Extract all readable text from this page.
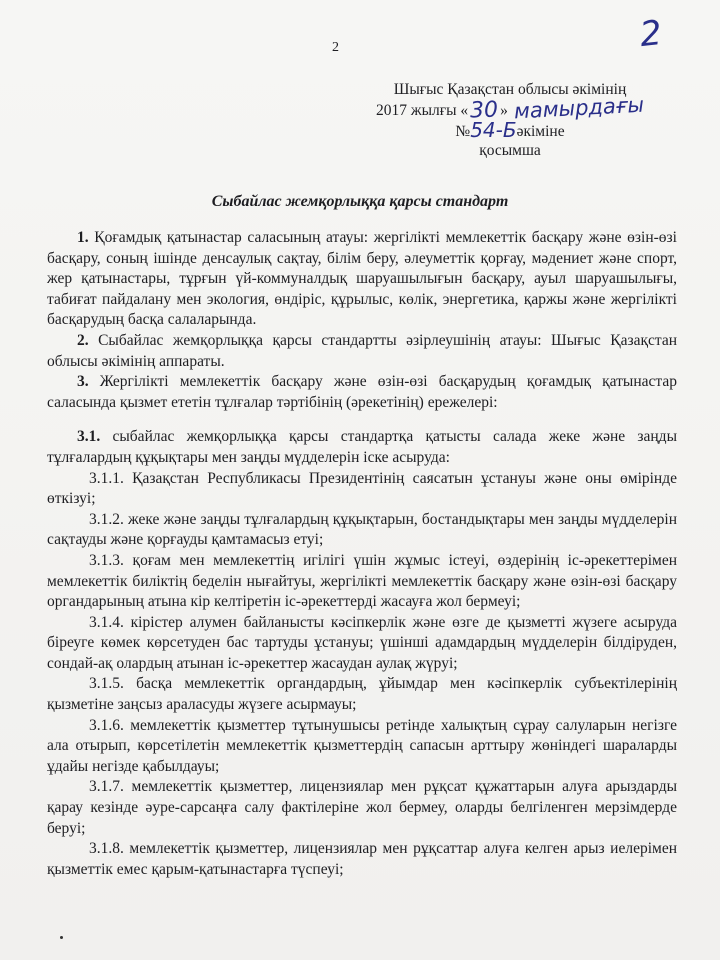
2
2
Шығыс Қазақстан облысы әкімінің
2017 жылғы «30 » мамырдағы
№54-Бәкіміне
қосымша
Сыбайлас жемқорлыққа қарсы стандарт

1. Қоғамдық қатынастар саласының атауы: жергілікті мемлекеттік басқару және өзін-өзі басқару, соның ішінде денсаулық сақтау, білім беру, әлеуметтік қорғау, мәдениет және спорт, жер қатынастары, тұрғын үй-коммуналдық шаруашылығын басқару, ауыл шаруашылығы, табиғат пайдалану мен экология, өндіріс, құрылыс, көлік, энергетика, қаржы және жергілікті басқарудың басқа салаларында.

2. Сыбайлас жемқорлыққа қарсы стандартты әзірлеушінің атауы: Шығыс Қазақстан облысы әкімінің аппараты.

3. Жергілікті мемлекеттік басқару және өзін-өзі басқарудың қоғамдық қатынастар саласында қызмет ететін тұлғалар тәртібінің (әрекетінің) ережелері:

3.1. сыбайлас жемқорлыққа қарсы стандартқа қатысты салада жеке және заңды тұлғалардың құқықтары мен заңды мүдделерін іске асыруда:

3.1.1. Қазақстан Республикасы Президентінің саясатын ұстануы және оны өмірінде өткізуі;

3.1.2. жеке және заңды тұлғалардың құқықтарын, бостандықтары мен заңды мүдделерін сақтауды және қорғауды қамтамасыз етуі;

3.1.3. қоғам мен мемлекеттің игілігі үшін жұмыс істеуі, өздерінің іс-әрекеттерімен мемлекеттік биліктің беделін нығайтуы, жергілікті мемлекеттік басқару және өзін-өзі басқару органдарының атына кір келтіретін іс-әрекеттерді жасауға жол бермеуі;

3.1.4. кірістер алумен байланысты кәсіпкерлік және өзге де қызметті жүзеге асыруда біреуге көмек көрсетуден бас тартуды ұстануы; үшінші адамдардың мүдделерін білдіруден, сондай-ақ олардың атынан іс-әрекеттер жасаудан аулақ жүруі;

3.1.5. басқа мемлекеттік органдардың, ұйымдар мен кәсіпкерлік субъектілерінің қызметіне заңсыз араласуды жүзеге асырмауы;

3.1.6. мемлекеттік қызметтер тұтынушысы ретінде халықтың сұрау салуларын негізге ала отырып, көрсетілетін мемлекеттік қызметтердің сапасын арттыру жөніндегі шараларды ұдайы негізде қабылдауы;

3.1.7. мемлекеттік қызметтер, лицензиялар мен рұқсат құжаттарын алуға арыздарды қарау кезінде әуре-сарсаңға салу фактілеріне жол бермеу, оларды белгіленген мерзімдерде беруі;

3.1.8. мемлекеттік қызметтер, лицензиялар мен рұқсаттар алуға келген арыз иелерімен қызметтік емес қарым-қатынастарға түспеуі;
